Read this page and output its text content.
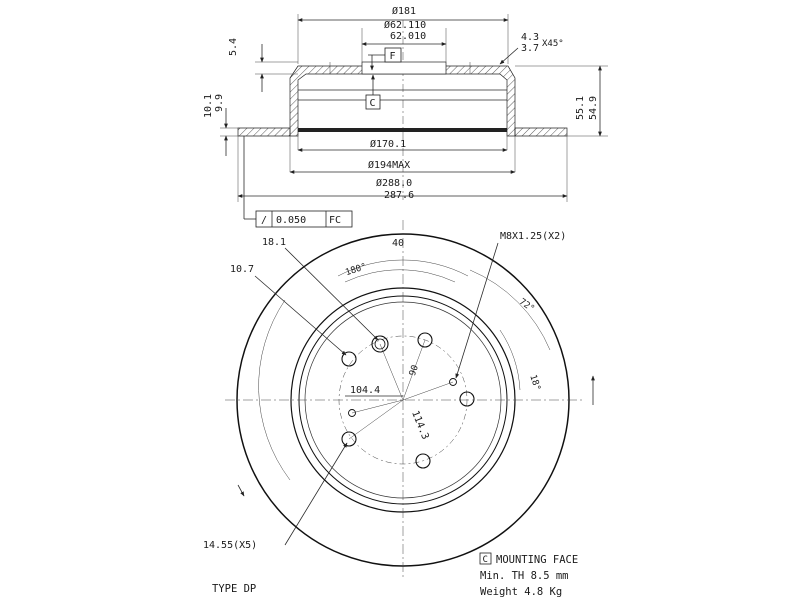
Ø181
Ø62.110
62.010
F
C
5.4
4.3
3.7 X45°
10.1 9.9	55.1 54.9
Ø170.1
Ø194MAX
Ø288.0
287.6
/ 0.050 FC
18.1	40
180°
M8X1.25(X2)
10.7
72°
90
18°
104.4
114.3
14.55(X5)
TYPE DP
C MOUNTING FACE
Min. TH 8.5 mm
Weight 4.8 Kg
